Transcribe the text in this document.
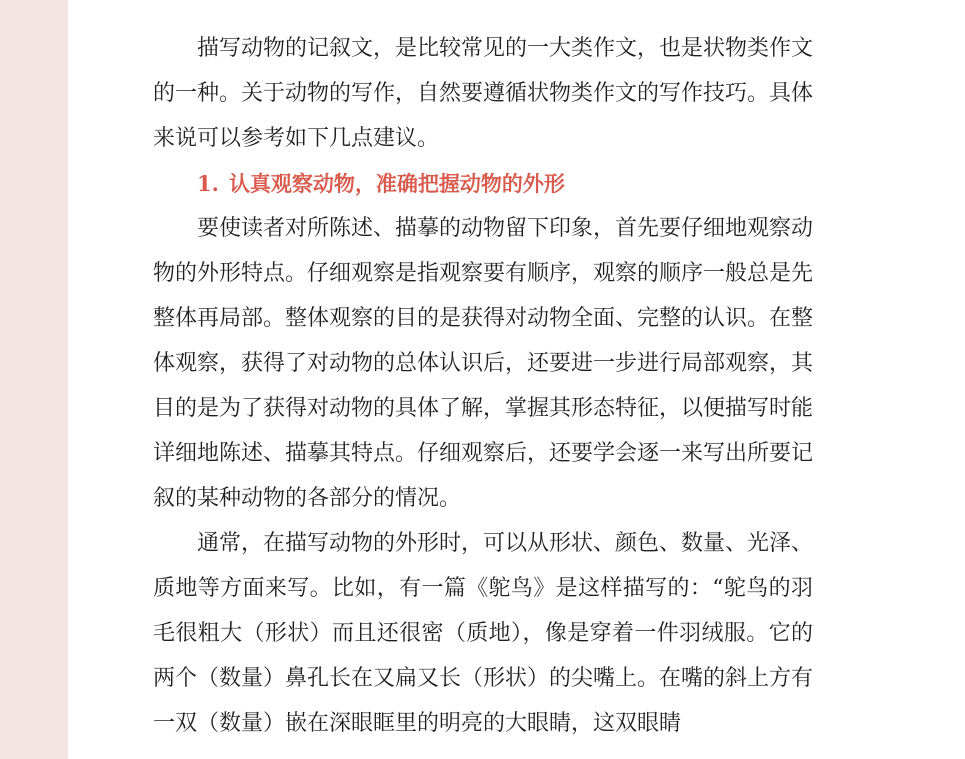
描写动物的记叙文，是比较常见的一大类作文，也是状物类作文的一种。关于动物的写作，自然要遵循状物类作文的写作技巧。具体来说可以参考如下几点建议。

1. 认真观察动物，准确把握动物的外形

要使读者对所陈述、描摹的动物留下印象，首先要仔细地观察动物的外形特点。仔细观察是指观察要有顺序，观察的顺序一般总是先整体再局部。整体观察的目的是获得对动物全面、完整的认识。在整体观察，获得了对动物的总体认识后，还要进一步进行局部观察，其目的是为了获得对动物的具体了解，掌握其形态特征，以便描写时能详细地陈述、描摹其特点。仔细观察后，还要学会逐一来写出所要记叙的某种动物的各部分的情况。

通常，在描写动物的外形时，可以从形状、颜色、数量、光泽、质地等方面来写。比如，有一篇《鸵鸟》是这样描写的：“鸵鸟的羽毛很粗大（形状）而且还很密（质地），像是穿着一件羽绒服。它的两个（数量）鼻孔长在又扁又长（形状）的尖嘴上。在嘴的斜上方有一双（数量）嵌在深眼眶里的明亮的大眼睛，这双眼睛
